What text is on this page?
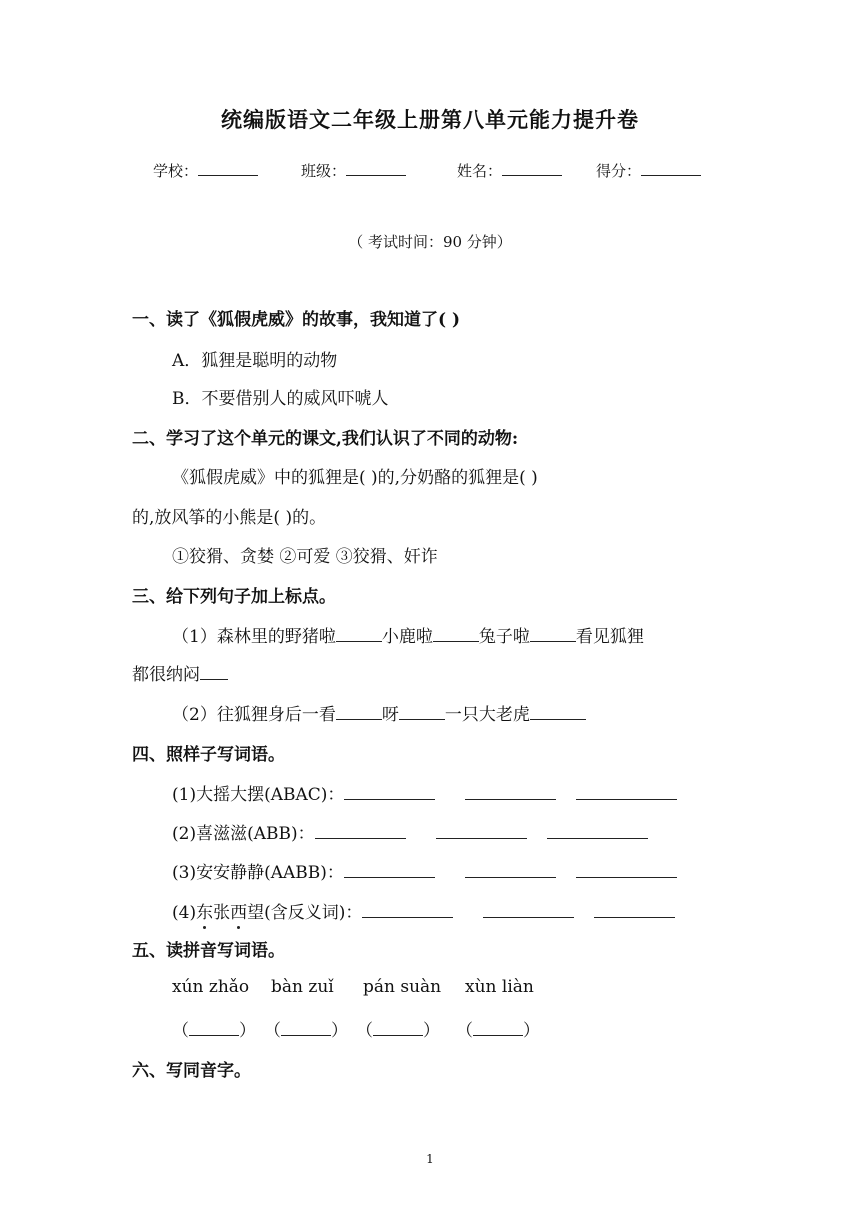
统编版语文二年级上册第八单元能力提升卷
学校：	班级：	姓名：	得分：
（ 考试时间：90 分钟）
一、读了《狐假虎威》的故事，我知道了( )
A．狐狸是聪明的动物
B．不要借别人的威风吓唬人
二、学习了这个单元的课文,我们认识了不同的动物:
《狐假虎威》中的狐狸是( )的,分奶酪的狐狸是( )
的,放风筝的小熊是( )的。
①狡猾、贪婪 ②可爱 ③狡猾、奸诈
三、给下列句子加上标点。
（1）森林里的野猪啦	小鹿啦	兔子啦	看见狐狸
都很纳闷
（2）往狐狸身后一看	呀	一只大老虎
四、照样子写词语。
(1)大摇大摆(ABAC)：
(2)喜滋滋(ABB)：
(3)安安静静(AABB)：
(4)东张西望(含反义词)：
五、读拼音写词语。
xún zhǎo bàn zuǐ pán suàn xùn liàn
（	） （	） （	） （	）
六、写同音字。
1
